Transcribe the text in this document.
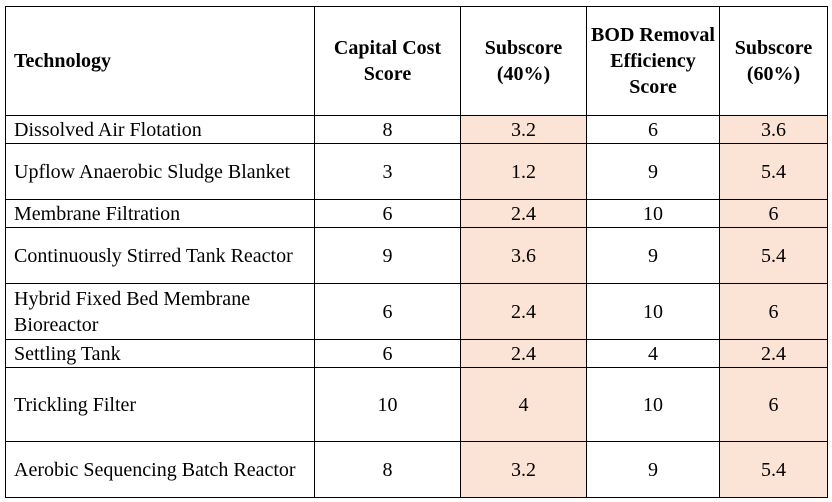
Technology	Capital Cost Score	Subscore (40%)	BOD Removal Efficiency Score	Subscore (60%)
Dissolved Air Flotation	8	3.2	6	3.6
Upflow Anaerobic Sludge Blanket	3	1.2	9	5.4
Membrane Filtration	6	2.4	10	6
Continuously Stirred Tank Reactor	9	3.6	9	5.4
Hybrid Fixed Bed Membrane Bioreactor	6	2.4	10	6
Settling Tank	6	2.4	4	2.4
Trickling Filter	10	4	10	6
Aerobic Sequencing Batch Reactor	8	3.2	9	5.4
